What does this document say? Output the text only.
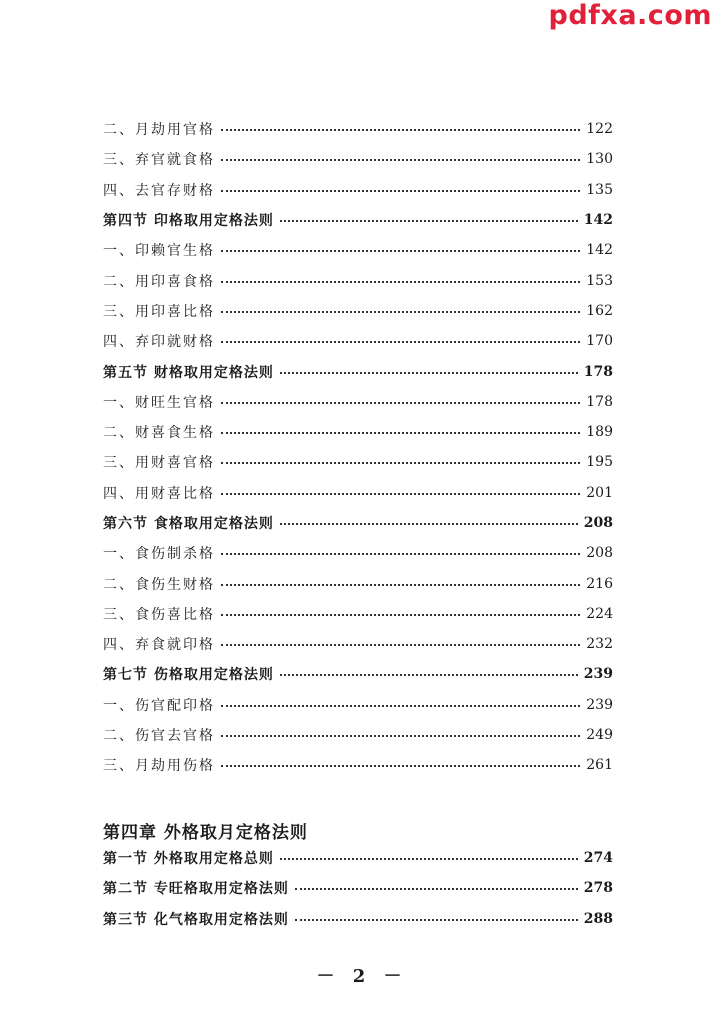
pdfxa.com
二、月劫用官格	122
三、弃官就食格	130
四、去官存财格	135
第四节 印格取用定格法则	142
一、印赖官生格	142
二、用印喜食格	153
三、用印喜比格	162
四、弃印就财格	170
第五节 财格取用定格法则	178
一、财旺生官格	178
二、财喜食生格	189
三、用财喜官格	195
四、用财喜比格	201
第六节 食格取用定格法则	208
一、食伤制杀格	208
二、食伤生财格	216
三、食伤喜比格	224
四、弃食就印格	232
第七节 伤格取用定格法则	239
一、伤官配印格	239
二、伤官去官格	249
三、月劫用伤格	261
第四章 外格取月定格法则
第一节 外格取用定格总则	274
第二节 专旺格取用定格法则	278
第三节 化气格取用定格法则	288
－ 2 －
